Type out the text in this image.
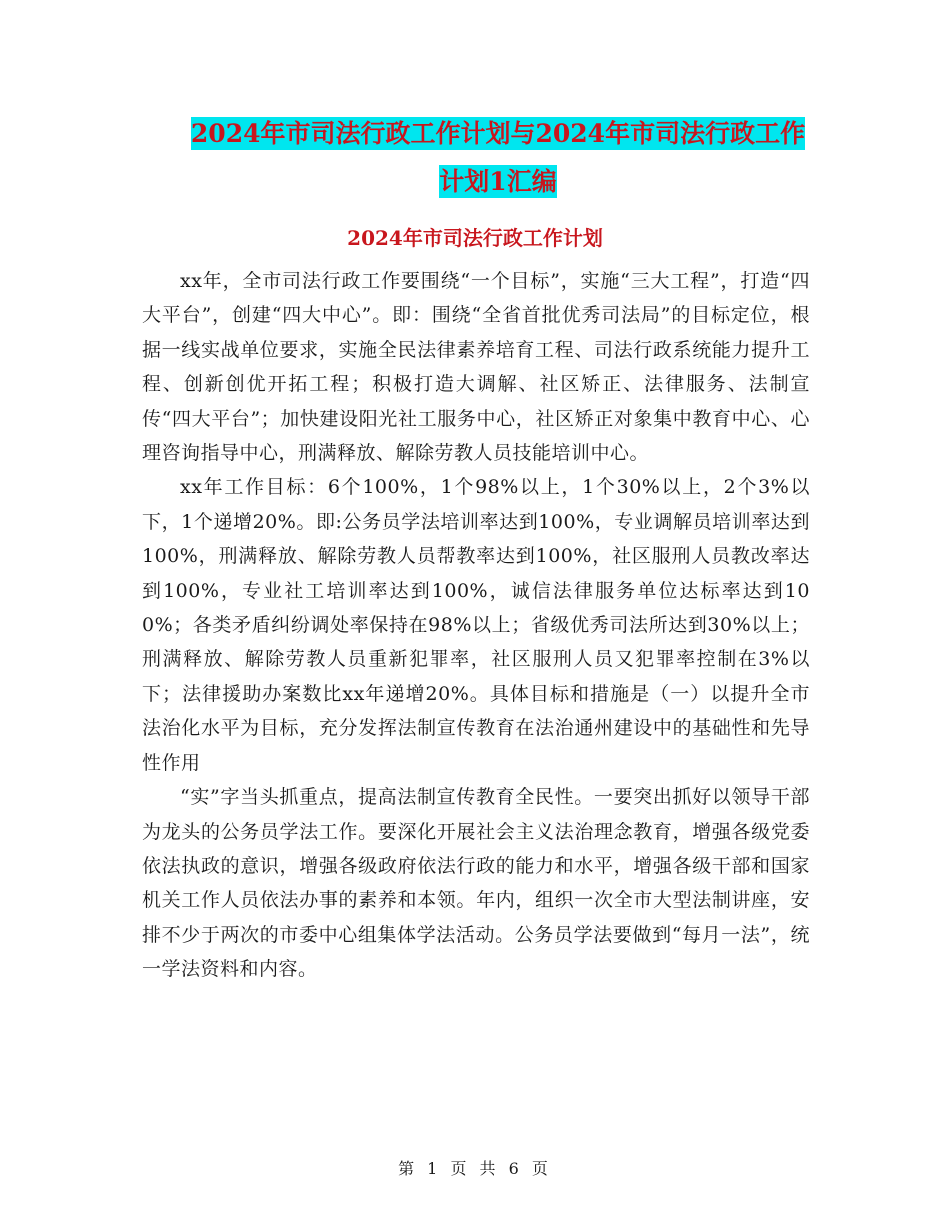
2024年市司法行政工作计划与2024年市司法行政工作
计划1汇编
2024年市司法行政工作计划

xx年，全市司法行政工作要围绕“一个目标”，实施“三大工程”，打造“四大平台”，创建“四大中心”。即：围绕“全省首批优秀司法局”的目标定位，根据一线实战单位要求，实施全民法律素养培育工程、司法行政系统能力提升工程、创新创优开拓工程；积极打造大调解、社区矫正、法律服务、法制宣传“四大平台”；加快建设阳光社工服务中心，社区矫正对象集中教育中心、心理咨询指导中心，刑满释放、解除劳教人员技能培训中心。

xx年工作目标：6个100%，1个98%以上，1个30%以上，2个3%以下，1个递增20%。即:公务员学法培训率达到100%，专业调解员培训率达到100%，刑满释放、解除劳教人员帮教率达到100%，社区服刑人员教改率达到100%，专业社工培训率达到100%，诚信法律服务单位达标率达到100%；各类矛盾纠纷调处率保持在98%以上；省级优秀司法所达到30%以上；刑满释放、解除劳教人员重新犯罪率，社区服刑人员又犯罪率控制在3%以下；法律援助办案数比xx年递增20%。具体目标和措施是（一）以提升全市法治化水平为目标，充分发挥法制宣传教育在法治通州建设中的基础性和先导性作用

“实”字当头抓重点，提高法制宣传教育全民性。一要突出抓好以领导干部为龙头的公务员学法工作。要深化开展社会主义法治理念教育，增强各级党委依法执政的意识，增强各级政府依法行政的能力和水平，增强各级干部和国家机关工作人员依法办事的素养和本领。年内，组织一次全市大型法制讲座，安排不少于两次的市委中心组集体学法活动。公务员学法要做到“每月一法”，统一学法资料和内容。

第 1 页 共 6 页
